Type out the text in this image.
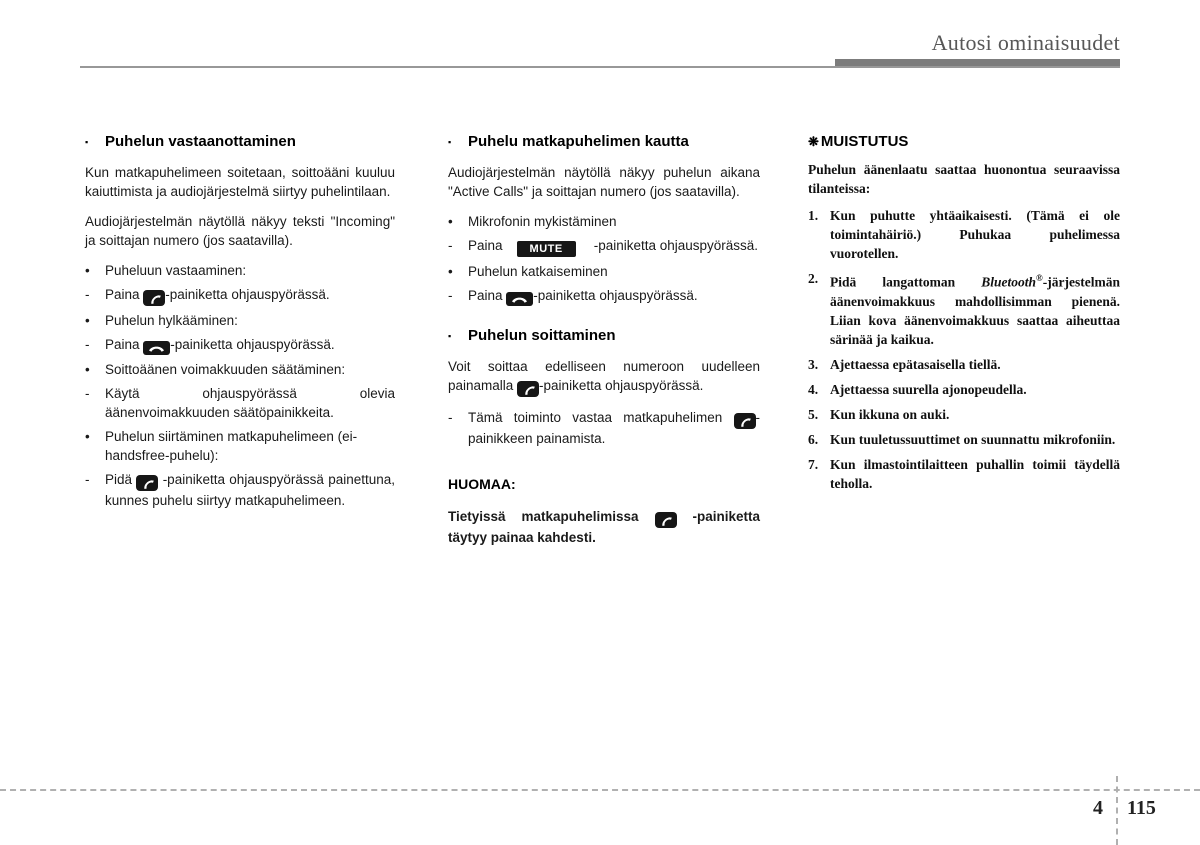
Autosi ominaisuudet
▪	Puhelun vastaanottaminen

Kun matkapuhelimeen soitetaan, soittoääni kuuluu kaiuttimista ja audiojärjestelmä siirtyy puhelintilaan.

Audiojärjestelmän näytöllä näkyy teksti "Incoming" ja soittajan numero (jos saatavilla).

•	Puheluun vastaaminen:
-	Paina
-painiketta ohjauspyörässä.
•	Puhelun hylkääminen:
-	Paina
-painiketta ohjauspyörässä.
•	Soittoäänen voimakkuuden säätäminen:
-	Käytä ohjauspyörässä olevia äänenvoimakkuuden säätöpainikkeita.
•	Puhelun siirtäminen matkapuhelimeen (ei-handsfree-puhelu):
-	Pidä
-painiketta ohjauspyörässä painettuna, kunnes puhelu siirtyy matkapuhelimeen.
▪	Puhelu matkapuhelimen kautta

Audiojärjestelmän näytöllä näkyy puhelun aikana "Active Calls" ja soittajan numero (jos saatavilla).

•	Mikrofonin mykistäminen
-	Paina MUTE -painiketta ohjauspyörässä.
•	Puhelun katkaiseminen
-	Paina
-painiketta ohjauspyörässä.
▪	Puhelun soittaminen

Voit soittaa edelliseen numeroon uudelleen painamalla
-painiketta ohjauspyörässä.

-	Tämä toiminto vastaa matkapuhelimen
-painikkeen painamista.
HUOMAA:

Tietyissä matkapuhelimissa
-painiketta täytyy painaa kahdesti.

❋ MUISTUTUS

Puhelun äänenlaatu saattaa huonontua seuraavissa tilanteissa:

1. Kun puhutte yhtäaikaisesti. (Tämä ei ole toimintahäiriö.) Puhukaa puhelimessa vuorotellen.
2. Pidä langattoman Bluetooth®-järjestelmän äänenvoimakkuus mahdollisimman pienenä. Liian kova äänenvoimakkuus saattaa aiheuttaa särinää ja kaikua.
3. Ajettaessa epätasaisella tiellä.
4. Ajettaessa suurella ajonopeudella.
5. Kun ikkuna on auki.
6. Kun tuuletussuuttimet on suunnattu mikrofoniin.
7. Kun ilmastointilaitteen puhallin toimii täydellä teholla.
4	115
